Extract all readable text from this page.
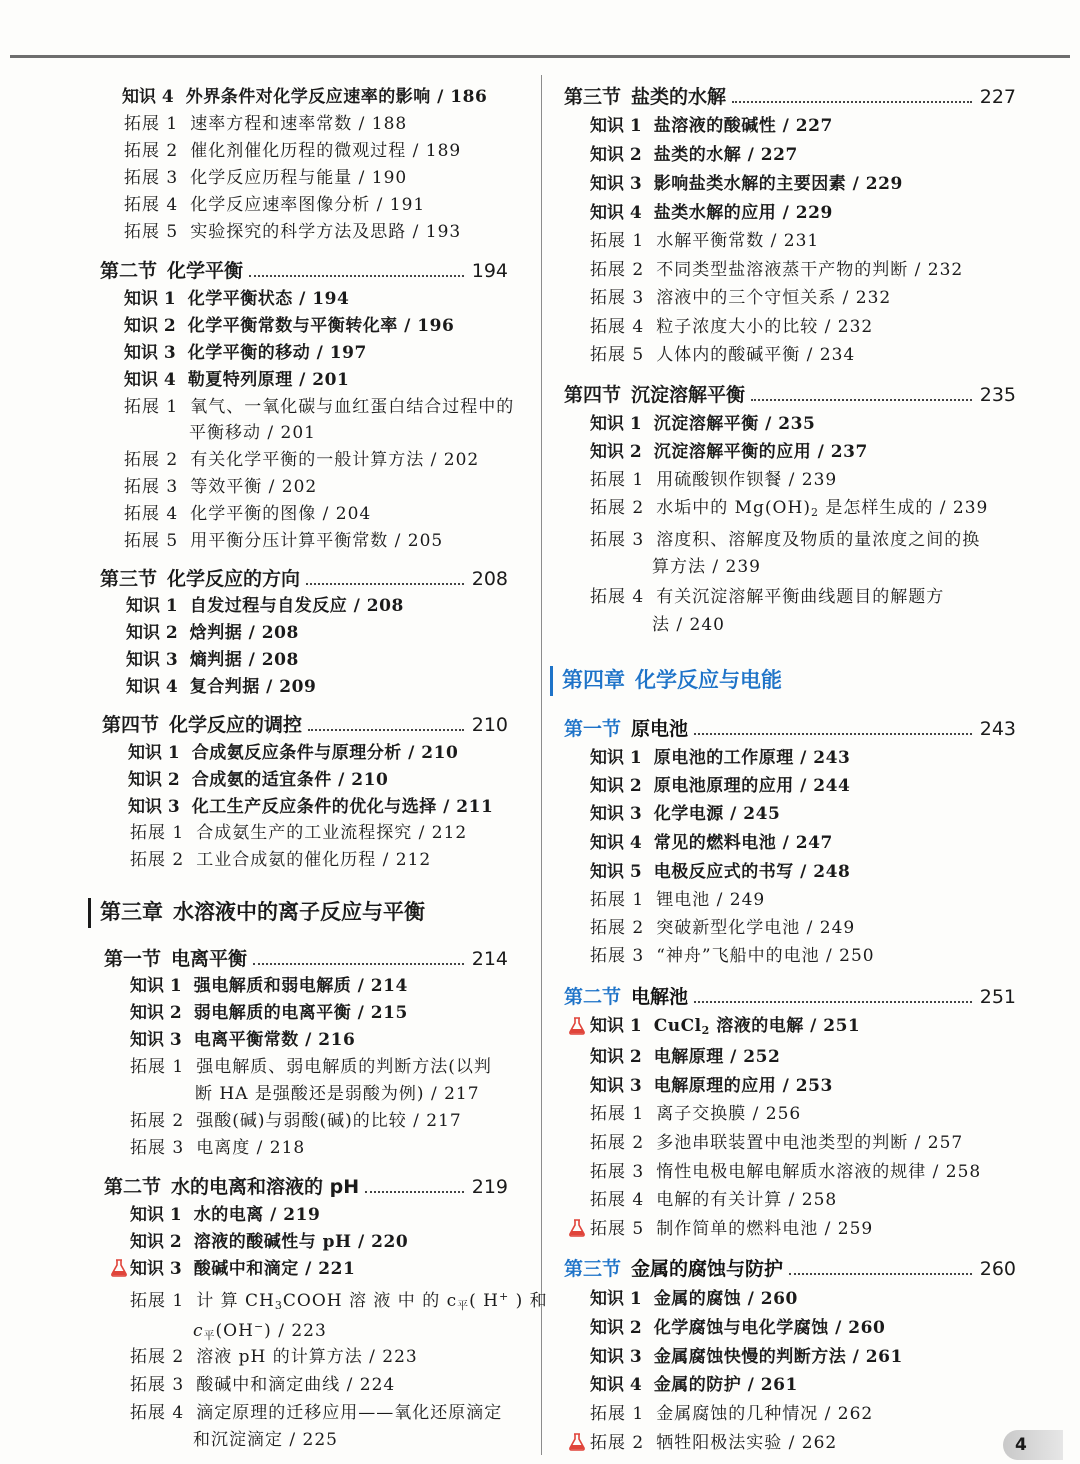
知识 4 外界条件对化学反应速率的影响 / 186
拓展 1 速率方程和速率常数 / 188
拓展 2 催化剂催化历程的微观过程 / 189
拓展 3 化学反应历程与能量 / 190
拓展 4 化学反应速率图像分析 / 191
拓展 5 实验探究的科学方法及思路 / 193
第二节 化学平衡	194
知识 1 化学平衡状态 / 194
知识 2 化学平衡常数与平衡转化率 / 196
知识 3 化学平衡的移动 / 197
知识 4 勒夏特列原理 / 201
拓展 1 氧气、一氧化碳与血红蛋白结合过程中的
平衡移动 / 201
拓展 2 有关化学平衡的一般计算方法 / 202
拓展 3 等效平衡 / 202
拓展 4 化学平衡的图像 / 204
拓展 5 用平衡分压计算平衡常数 / 205
第三节 化学反应的方向	208
知识 1 自发过程与自发反应 / 208
知识 2 焓判据 / 208
知识 3 熵判据 / 208
知识 4 复合判据 / 209
第四节 化学反应的调控	210
知识 1 合成氨反应条件与原理分析 / 210
知识 2 合成氨的适宜条件 / 210
知识 3 化工生产反应条件的优化与选择 / 211
拓展 1 合成氨生产的工业流程探究 / 212
拓展 2 工业合成氨的催化历程 / 212
第三章 水溶液中的离子反应与平衡
第一节 电离平衡	214
知识 1 强电解质和弱电解质 / 214
知识 2 弱电解质的电离平衡 / 215
知识 3 电离平衡常数 / 216
拓展 1 强电解质、弱电解质的判断方法(以判
断 HA 是强酸还是弱酸为例) / 217
拓展 2 强酸(碱)与弱酸(碱)的比较 / 217
拓展 3 电离度 / 218
第二节 水的电离和溶液的 pH	219
知识 1 水的电离 / 219
知识 2 溶液的酸碱性与 pH / 220
知识 3 酸碱中和滴定 / 221
拓展 1 计 算 $CH_3COOH$ 溶 液 中 的 $c_平$( H+ ) 和
$c_平(OH^-) / 223$
拓展 2 溶液 pH 的计算方法 / 223
拓展 3 酸碱中和滴定曲线 / 224
拓展 4 滴定原理的迁移应用——氧化还原滴定
和沉淀滴定 / 225
第三节 盐类的水解	227
知识 1 盐溶液的酸碱性 / 227
知识 2 盐类的水解 / 227
知识 3 影响盐类水解的主要因素 / 229
知识 4 盐类水解的应用 / 229
拓展 1 水解平衡常数 / 231
拓展 2 不同类型盐溶液蒸干产物的判断 / 232
拓展 3 溶液中的三个守恒关系 / 232
拓展 4 粒子浓度大小的比较 / 232
拓展 5 人体内的酸碱平衡 / 234
第四节 沉淀溶解平衡	235
知识 1 沉淀溶解平衡 / 235
知识 2 沉淀溶解平衡的应用 / 237
拓展 1 用硫酸钡作钡餐 / 239
拓展 2 水垢中的 $Mg(OH)_2$ 是怎样生成的 / 239
拓展 3 溶度积、溶解度及物质的量浓度之间的换
算方法 / 239
拓展 4 有关沉淀溶解平衡曲线题目的解题方
法 / 240
第四章 化学反应与电能
第一节 原电池	243
知识 1 原电池的工作原理 / 243
知识 2 原电池原理的应用 / 244
知识 3 化学电源 / 245
知识 4 常见的燃料电池 / 247
知识 5 电极反应式的书写 / 248
拓展 1 锂电池 / 249
拓展 2 突破新型化学电池 / 249
拓展 3 “神舟”飞船中的电池 / 250
第二节 电解池	251
知识 1 CuCl$_2$ 溶液的电解 / 251
知识 2 电解原理 / 252
知识 3 电解原理的应用 / 253
拓展 1 离子交换膜 / 256
拓展 2 多池串联装置中电池类型的判断 / 257
拓展 3 惰性电极电解电解质水溶液的规律 / 258
拓展 4 电解的有关计算 / 258
拓展 5 制作简单的燃料电池 / 259
第三节 金属的腐蚀与防护	260
知识 1 金属的腐蚀 / 260
知识 2 化学腐蚀与电化学腐蚀 / 260
知识 3 金属腐蚀快慢的判断方法 / 261
知识 4 金属的防护 / 261
拓展 1 金属腐蚀的几种情况 / 262
拓展 2 牺牲阳极法实验 / 262	4
